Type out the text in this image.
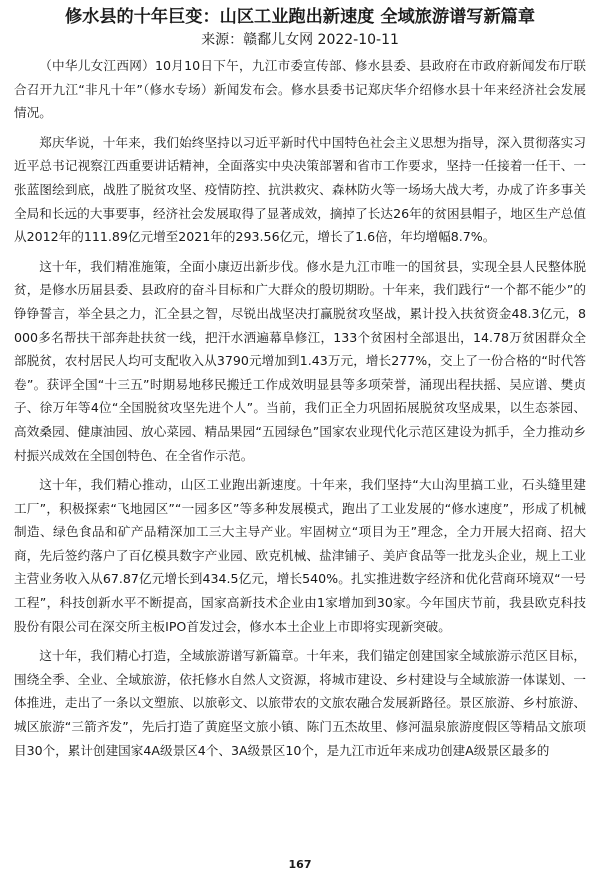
修水县的十年巨变：山区工业跑出新速度 全域旅游谱写新篇章
来源：赣鄱儿女网 2022-10-11

（中华儿女江西网）10月10日下午，九江市委宣传部、修水县委、县政府在市政府新闻发布厅联合召开九江“非凡十年”（修水专场）新闻发布会。修水县委书记郑庆华介绍修水县十年来经济社会发展情况。

郑庆华说，十年来，我们始终坚持以习近平新时代中国特色社会主义思想为指导，深入贯彻落实习近平总书记视察江西重要讲话精神，全面落实中央决策部署和省市工作要求，坚持一任接着一任干、一张蓝图绘到底，战胜了脱贫攻坚、疫情防控、抗洪救灾、森林防火等一场场大战大考，办成了许多事关全局和长远的大事要事，经济社会发展取得了显著成效，摘掉了长达26年的贫困县帽子，地区生产总值从2012年的111.89亿元增至2021年的293.56亿元，增长了1.6倍，年均增幅8.7%。

这十年，我们精准施策，全面小康迈出新步伐。修水是九江市唯一的国贫县，实现全县人民整体脱贫，是修水历届县委、县政府的奋斗目标和广大群众的殷切期盼。十年来，我们践行“一个都不能少”的铮铮誓言，举全县之力，汇全县之智，尽锐出战坚决打赢脱贫攻坚战，累计投入扶贫资金48.3亿元，8000多名帮扶干部奔赴扶贫一线，把汗水洒遍幕阜修江，133个贫困村全部退出，14.78万贫困群众全部脱贫，农村居民人均可支配收入从3790元增加到1.43万元，增长277%，交上了一份合格的“时代答卷”。获评全国“十三五”时期易地移民搬迁工作成效明显县等多项荣誉，涌现出程扶摇、吴应谱、樊贞子、徐万年等4位“全国脱贫攻坚先进个人”。当前，我们正全力巩固拓展脱贫攻坚成果，以生态茶园、高效桑园、健康油园、放心菜园、精品果园“五园绿色”国家农业现代化示范区建设为抓手，全力推动乡村振兴成效在全国创特色、在全省作示范。

这十年，我们精心推动，山区工业跑出新速度。十年来，我们坚持“大山沟里搞工业，石头缝里建工厂”，积极探索“飞地园区”“一园多区”等多种发展模式，跑出了工业发展的“修水速度”，形成了机械制造、绿色食品和矿产品精深加工三大主导产业。牢固树立“项目为王”理念，全力开展大招商、招大商，先后签约落户了百亿模具数字产业园、欧克机械、盐津铺子、美庐食品等一批龙头企业，规上工业主营业务收入从67.87亿元增长到434.5亿元，增长540%。扎实推进数字经济和优化营商环境双“一号工程”，科技创新水平不断提高，国家高新技术企业由1家增加到30家。今年国庆节前，我县欧克科技股份有限公司在深交所主板IPO首发过会，修水本土企业上市即将实现新突破。

这十年，我们精心打造，全域旅游谱写新篇章。十年来，我们锚定创建国家全域旅游示范区目标，围绕全季、全业、全域旅游，依托修水自然人文资源，将城市建设、乡村建设与全域旅游一体谋划、一体推进，走出了一条以文塑旅、以旅彰文、以旅带农的文旅农融合发展新路径。景区旅游、乡村旅游、城区旅游“三箭齐发”，先后打造了黄庭坚文旅小镇、陈门五杰故里、修河温泉旅游度假区等精品文旅项目30个，累计创建国家4A级景区4个、3A级景区10个，是九江市近年来成功创建A级景区最多的

167
